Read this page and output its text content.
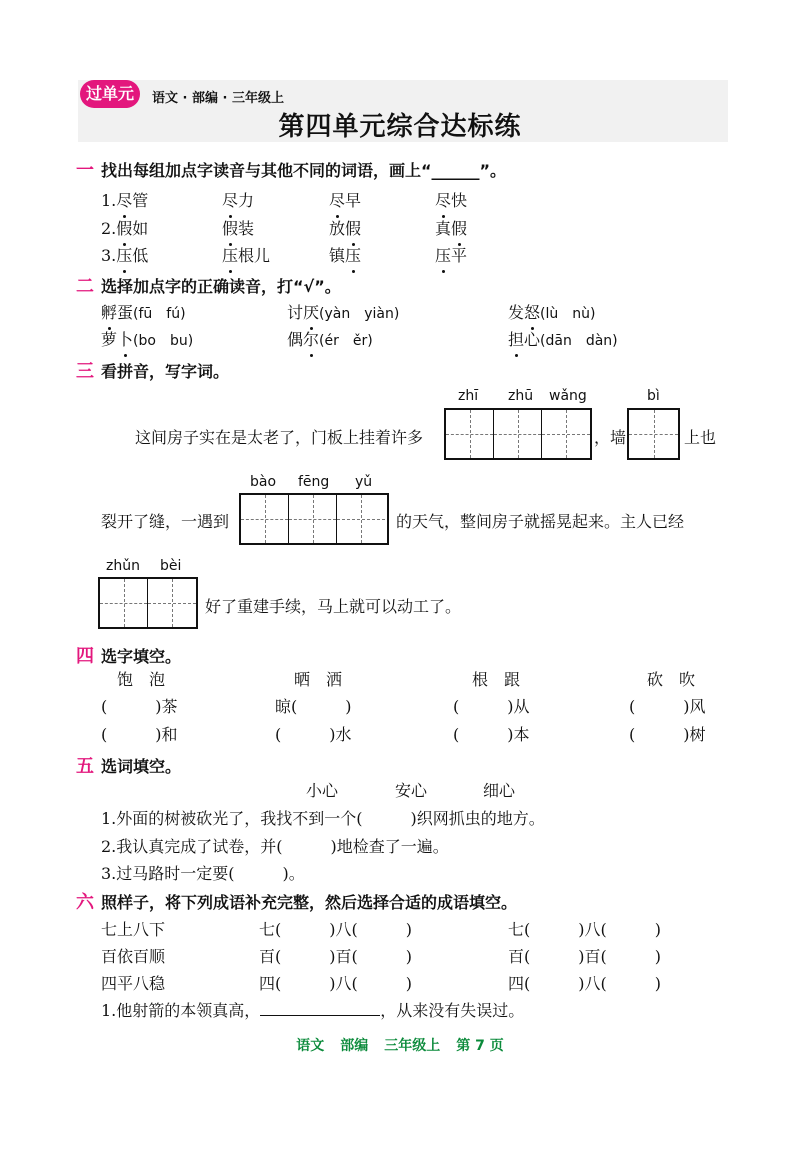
过单元	语文 · 部编 · 三年级上
第四单元综合达标练
一 找出每组加点字读音与其他不同的词语，画上“______”。
1.尽管	尽力	尽早	尽快
2.假如	假装	放假	真假
3.压低	压根儿	镇压	压平
二 选择加点字的正确读音，打“√”。
孵蛋(fū　fú)	讨厌(yàn　yiàn)	发怒(lù　nù)
萝卜(bo　bu)	偶尔(ér　ěr)	担心(dān　dàn)
三 看拼音，写字词。
zhī zhū wǎng	bì
这间房子实在是太老了，门板上挂着许多	，墙	上也
bào fēng yǔ
裂开了缝，一遇到	的天气，整间房子就摇晃起来。主人已经
zhǔn bèi
好了重建手续，马上就可以动工了。
四 选字填空。
饱　泡	晒　洒	根　跟	砍　吹
(　　　)茶	晾(　　　)	(　　　)从	(　　　)风
(　　　)和	(　　　)水	(　　　)本	(　　　)树
五 选词填空。
小心	安心	细心
1.外面的树被砍光了，我找不到一个(　　　)织网抓虫的地方。
2.我认真完成了试卷，并(　　　)地检查了一遍。
3.过马路时一定要(　　　)。
六 照样子，将下列成语补充完整，然后选择合适的成语填空。
七上八下	七(　　　)八(　　　)	七(　　　)八(　　　)
百依百顺	百(　　　)百(　　　)	百(　　　)百(　　　)
四平八稳	四(　　　)八(　　　)	四(　　　)八(　　　)
1.他射箭的本领真高，	，从来没有失误过。
语文 部编 三年级上 第 7 页
